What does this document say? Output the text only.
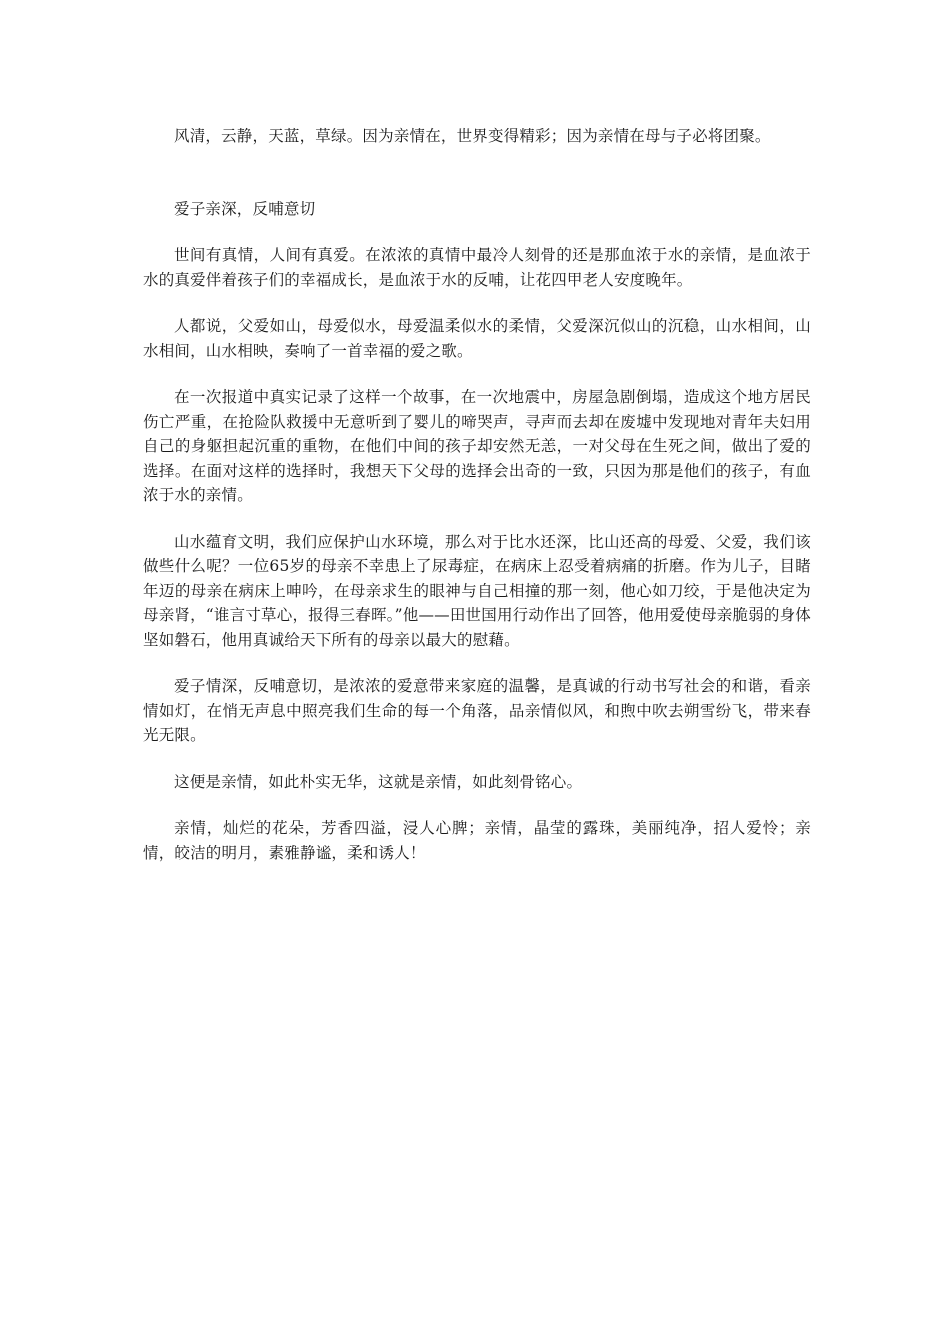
风清，云静，天蓝，草绿。因为亲情在，世界变得精彩；因为亲情在母与子必将团聚。

爱子亲深，反哺意切

世间有真情，人间有真爱。在浓浓的真情中最冷人刻骨的还是那血浓于水的亲情，是血浓于水的真爱伴着孩子们的幸福成长，是血浓于水的反哺，让花四甲老人安度晚年。

人都说，父爱如山，母爱似水，母爱温柔似水的柔情，父爱深沉似山的沉稳，山水相间，山水相间，山水相映，奏响了一首幸福的爱之歌。

在一次报道中真实记录了这样一个故事，在一次地震中，房屋急剧倒塌，造成这个地方居民伤亡严重，在抢险队救援中无意听到了婴儿的啼哭声，寻声而去却在废墟中发现地对青年夫妇用自己的身躯担起沉重的重物，在他们中间的孩子却安然无恙，一对父母在生死之间，做出了爱的选择。在面对这样的选择时，我想天下父母的选择会出奇的一致，只因为那是他们的孩子，有血浓于水的亲情。

山水蕴育文明，我们应保护山水环境，那么对于比水还深，比山还高的母爱、父爱，我们该做些什么呢？一位65岁的母亲不幸患上了尿毒症，在病床上忍受着病痛的折磨。作为儿子，目睹年迈的母亲在病床上呻吟，在母亲求生的眼神与自己相撞的那一刻，他心如刀绞，于是他决定为母亲肾，“谁言寸草心，报得三春晖。”他——田世国用行动作出了回答，他用爱使母亲脆弱的身体坚如磐石，他用真诚给天下所有的母亲以最大的慰藉。

爱子情深，反哺意切，是浓浓的爱意带来家庭的温馨，是真诚的行动书写社会的和谐，看亲情如灯，在悄无声息中照亮我们生命的每一个角落，品亲情似风，和煦中吹去朔雪纷飞，带来春光无限。

这便是亲情，如此朴实无华，这就是亲情，如此刻骨铭心。

亲情，灿烂的花朵，芳香四溢，浸人心脾；亲情，晶莹的露珠，美丽纯净，招人爱怜；亲情，皎洁的明月，素雅静谧，柔和诱人！
